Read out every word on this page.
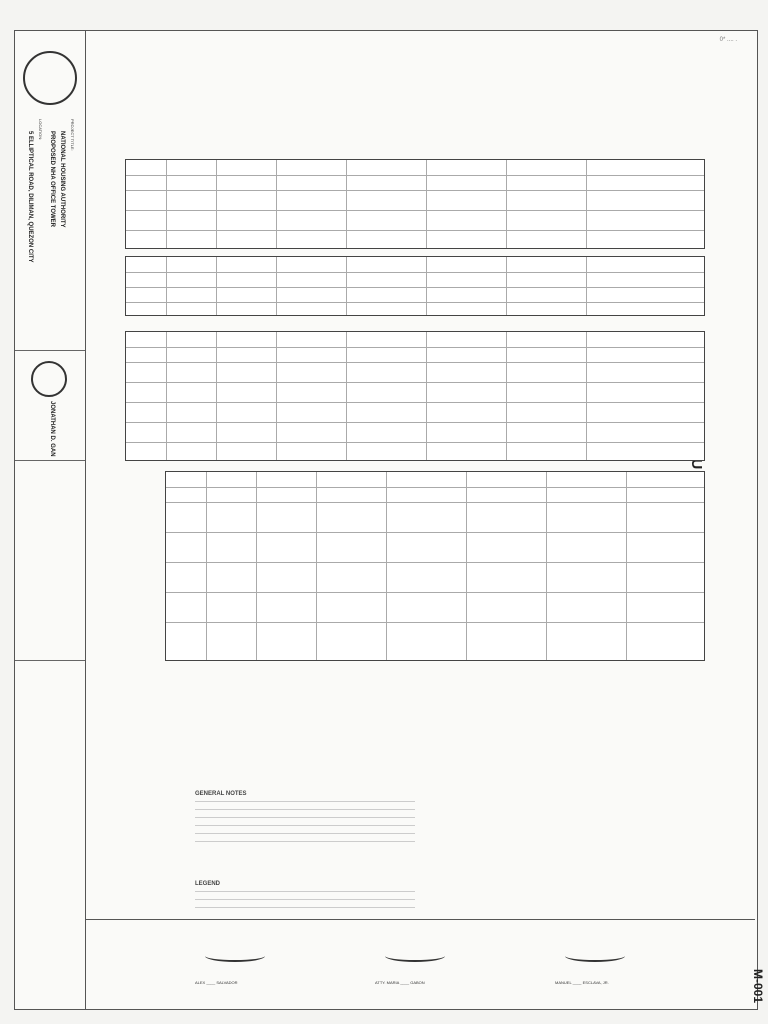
0* .... .
PROJECT TITLE:
NATIONAL HOUSING AUTHORITY
PROPOSED NHA OFFICE TOWER
LOCATION:
5 ELLIPTICAL ROAD, DILIMAN, QUEZON CITY
JONATHAN D. GAN
GENERAL NOTES
LEGEND
ALEX ____ SALVADOR	ATTY. MARIA ____ GABON	MANUEL ____ ESCLAVA, JR.	M-001
